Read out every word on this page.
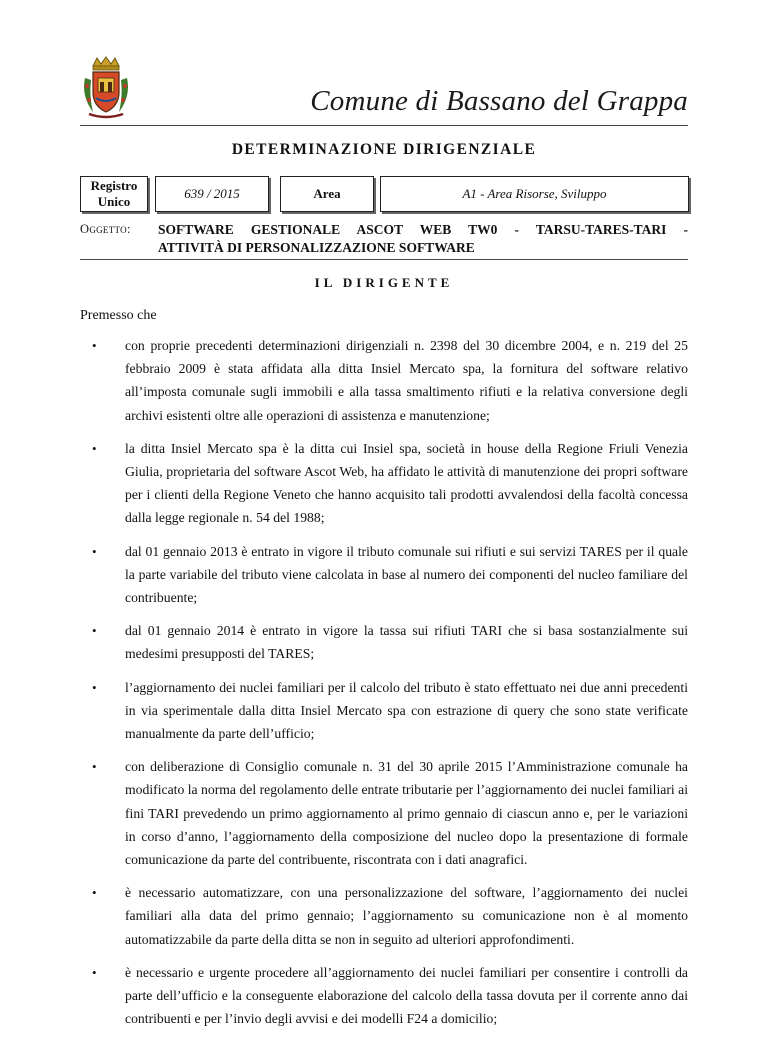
Comune di Bassano del Grappa
DETERMINAZIONE DIRIGENZIALE
Registro Unico
639 / 2015	Area	A1 - Area Risorse, Sviluppo
Oggetto: SOFTWARE GESTIONALE ASCOT WEB TW0 - TARSU-TARES-TARI -
ATTIVITÀ DI PERSONALIZZAZIONE SOFTWARE
IL DIRIGENTE
Premesso che
• con proprie precedenti determinazioni dirigenziali n. 2398 del 30 dicembre 2004, e n. 219 del 25 febbraio 2009 è stata affidata alla ditta Insiel Mercato spa, la fornitura del software relativo all’imposta comunale sugli immobili e alla tassa smaltimento rifiuti e la relativa conversione degli archivi esistenti oltre alle operazioni di assistenza e manutenzione;
• la ditta Insiel Mercato spa è la ditta cui Insiel spa, società in house della Regione Friuli Venezia Giulia, proprietaria del software Ascot Web, ha affidato le attività di manutenzione dei propri software per i clienti della Regione Veneto che hanno acquisito tali prodotti avvalendosi della facoltà concessa dalla legge regionale n. 54 del 1988;
• dal 01 gennaio 2013 è entrato in vigore il tributo comunale sui rifiuti e sui servizi TARES per il quale la parte variabile del tributo viene calcolata in base al numero dei componenti del nucleo familiare del contribuente;
• dal 01 gennaio 2014 è entrato in vigore la tassa sui rifiuti TARI che si basa sostanzialmente sui medesimi presupposti del TARES;
• l’aggiornamento dei nuclei familiari per il calcolo del tributo è stato effettuato nei due anni precedenti in via sperimentale dalla ditta Insiel Mercato spa con estrazione di query che sono state verificate manualmente da parte dell’ufficio;
• con deliberazione di Consiglio comunale n. 31 del 30 aprile 2015 l’Amministrazione comunale ha modificato la norma del regolamento delle entrate tributarie per l’aggiornamento dei nuclei familiari ai fini TARI prevedendo un primo aggiornamento al primo gennaio di ciascun anno e, per le variazioni in corso d’anno, l’aggiornamento della composizione del nucleo dopo la presentazione di formale comunicazione da parte del contribuente, riscontrata con i dati anagrafici.
• è necessario automatizzare, con una personalizzazione del software, l’aggiornamento dei nuclei familiari alla data del primo gennaio; l’aggiornamento su comunicazione non è al momento automatizzabile da parte della ditta se non in seguito ad ulteriori approfondimenti.
• è necessario e urgente procedere all’aggiornamento dei nuclei familiari per consentire i controlli da parte dell’ufficio e la conseguente elaborazione del calcolo della tassa dovuta per il corrente anno dai contribuenti e per l’invio degli avvisi e dei modelli F24 a domicilio;
